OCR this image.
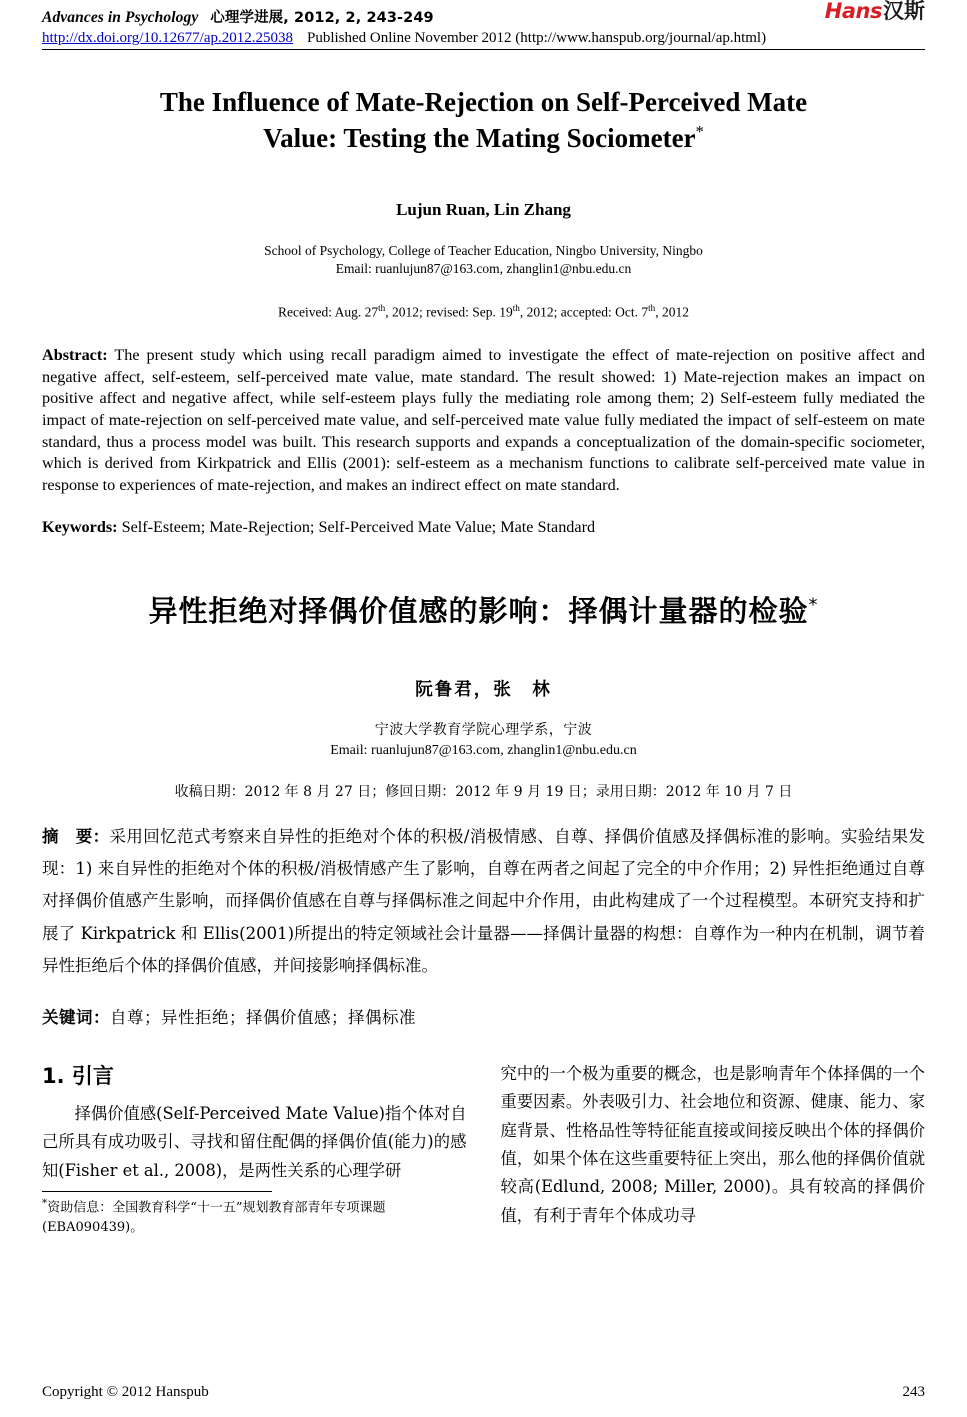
Advances in Psychology 心理学进展, 2012, 2, 243-249
http://dx.doi.org/10.12677/ap.2012.25038 Published Online November 2012 (http://www.hanspub.org/journal/ap.html)
Hans汉斯
The Influence of Mate-Rejection on Self-Perceived Mate
Value: Testing the Mating Sociometer*
Lujun Ruan, Lin Zhang
School of Psychology, College of Teacher Education, Ningbo University, Ningbo
Email: ruanlujun87@163.com, zhanglin1@nbu.edu.cn
Received: Aug. 27th, 2012; revised: Sep. 19th, 2012; accepted: Oct. 7th, 2012
Abstract: The present study which using recall paradigm aimed to investigate the effect of mate-rejection on positive affect and negative affect, self-esteem, self-perceived mate value, mate standard. The result showed: 1) Mate-rejection makes an impact on positive affect and negative affect, while self-esteem plays fully the mediating role among them; 2) Self-esteem fully mediated the impact of mate-rejection on self-perceived mate value, and self-perceived mate value fully mediated the impact of self-esteem on mate standard, thus a process model was built. This research supports and expands a conceptualization of the domain-specific sociometer, which is derived from Kirkpatrick and Ellis (2001): self-esteem as a mechanism functions to calibrate self-perceived mate value in response to experiences of mate-rejection, and makes an indirect effect on mate standard.
Keywords: Self-Esteem; Mate-Rejection; Self-Perceived Mate Value; Mate Standard
异性拒绝对择偶价值感的影响：择偶计量器的检验*
阮鲁君，张　林
宁波大学教育学院心理学系，宁波
Email: ruanlujun87@163.com, zhanglin1@nbu.edu.cn
收稿日期：2012 年 8 月 27 日；修回日期：2012 年 9 月 19 日；录用日期：2012 年 10 月 7 日
摘　要：采用回忆范式考察来自异性的拒绝对个体的积极/消极情感、自尊、择偶价值感及择偶标准的影响。实验结果发现：1) 来自异性的拒绝对个体的积极/消极情感产生了影响，自尊在两者之间起了完全的中介作用；2) 异性拒绝通过自尊对择偶价值感产生影响，而择偶价值感在自尊与择偶标准之间起中介作用，由此构建成了一个过程模型。本研究支持和扩展了 Kirkpatrick 和 Ellis(2001)所提出的特定领域社会计量器——择偶计量器的构想：自尊作为一种内在机制，调节着异性拒绝后个体的择偶价值感，并间接影响择偶标准。
关键词：自尊；异性拒绝；择偶价值感；择偶标准
1. 引言

择偶价值感(Self-Perceived Mate Value)指个体对自己所具有成功吸引、寻找和留住配偶的择偶价值(能力)的感知(Fisher et al., 2008)，是两性关系的心理学研

*资助信息：全国教育科学“十一五”规划教育部青年专项课题
(EBA090439)。

究中的一个极为重要的概念，也是影响青年个体择偶的一个重要因素。外表吸引力、社会地位和资源、健康、能力、家庭背景、性格品性等特征能直接或间接反映出个体的择偶价值，如果个体在这些重要特征上突出，那么他的择偶价值就较高(Edlund, 2008; Miller, 2000)。具有较高的择偶价值，有利于青年个体成功寻

Copyright © 2012 Hanspub	243
